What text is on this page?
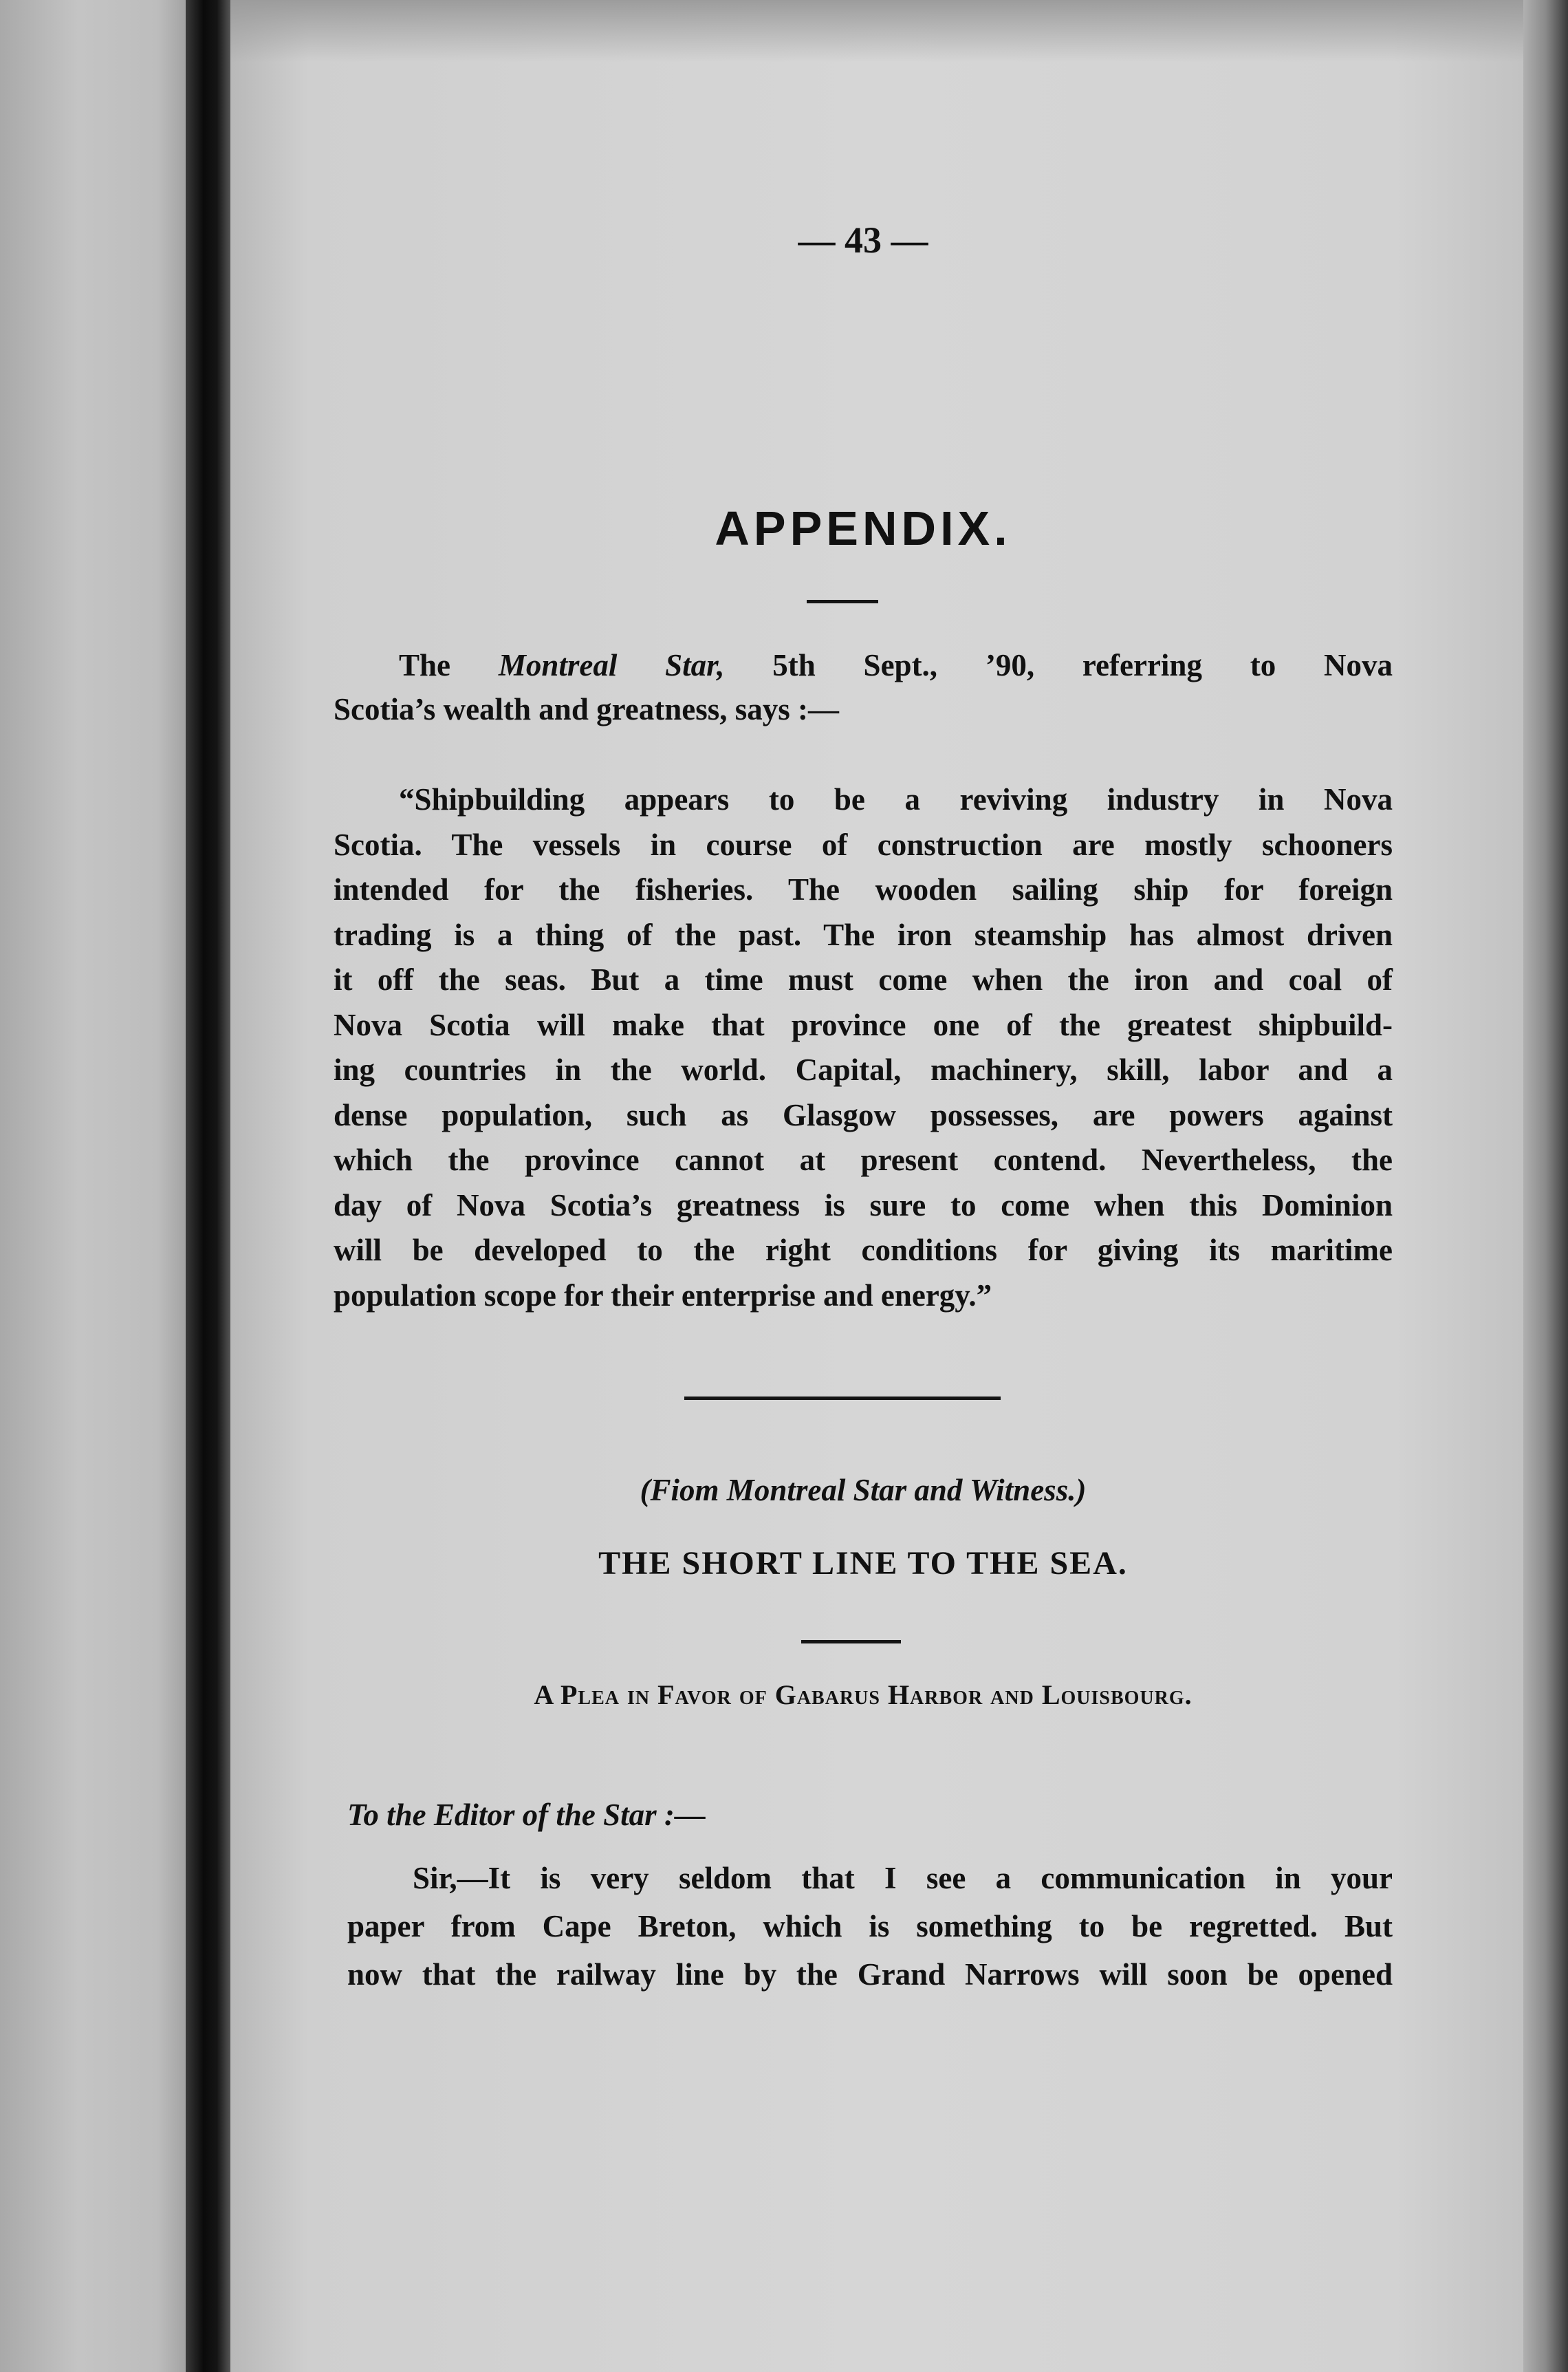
— 43 —
APPENDIX.
The Montreal Star, 5th Sept., ’90, referring to Nova
Scotia’s wealth and greatness, says :—
“Shipbuilding appears to be a reviving industry in Nova
Scotia. The vessels in course of construction are mostly schooners
intended for the fisheries. The wooden sailing ship for foreign
trading is a thing of the past. The iron steamship has almost driven
it off the seas. But a time must come when the iron and coal of
Nova Scotia will make that province one of the greatest shipbuild-
ing countries in the world. Capital, machinery, skill, labor and a
dense population, such as Glasgow possesses, are powers against
which the province cannot at present contend. Nevertheless, the
day of Nova Scotia’s greatness is sure to come when this Dominion
will be developed to the right conditions for giving its maritime
population scope for their enterprise and energy.”
(Fiom Montreal Star and Witness.)
THE SHORT LINE TO THE SEA.
A Plea in Favor of Gabarus Harbor and Louisbourg.
To the Editor of the Star :—
Sir,—It is very seldom that I see a communication in your
paper from Cape Breton, which is something to be regretted. But
now that the railway line by the Grand Narrows will soon be opened
